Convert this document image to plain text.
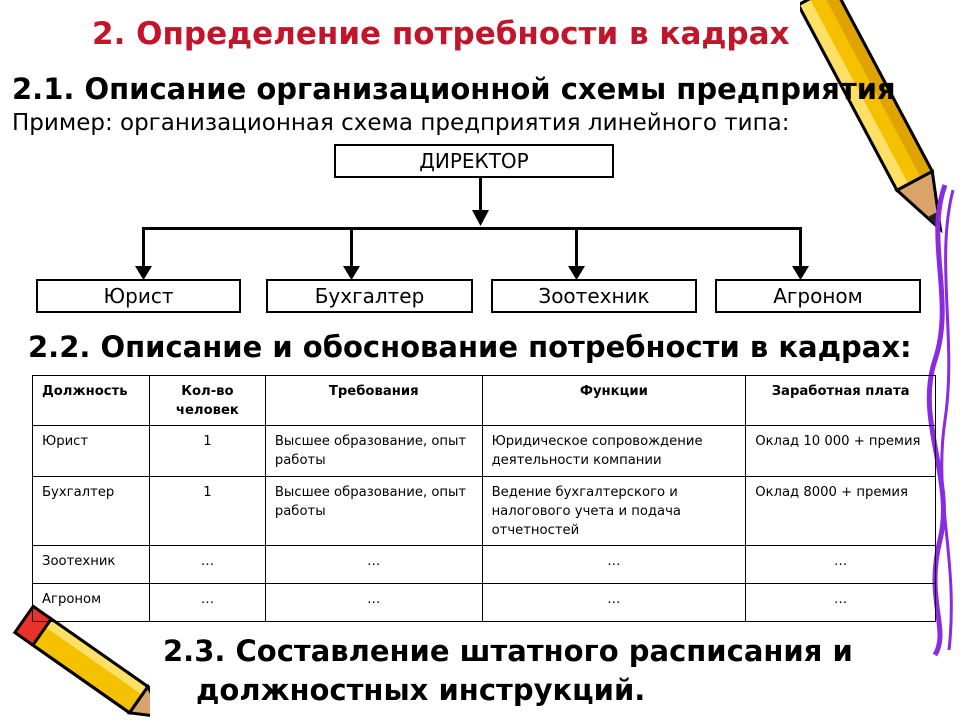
2. Определение потребности в кадрах
2.1. Описание организационной схемы предприятия
Пример: организационная схема предприятия линейного типа:
ДИРЕКТОР
Юрист	Бухгалтер	Зоотехник	Агроном
2.2. Описание и обоснование потребности в кадрах:
Должность	Кол-во человек	Требования	Функции	Заработная плата
Юрист	1	Высшее образование, опыт работы	Юридическое сопровождение деятельности компании	Оклад 10 000 + премия
Бухгалтер	1	Высшее образование, опыт работы	Ведение бухгалтерского и налогового учета и подача отчетностей	Оклад 8000 + премия
Зоотехник	…	…	…	…
Агроном	…	…	…	…
2.3. Составление штатного расписания и
должностных инструкций.
